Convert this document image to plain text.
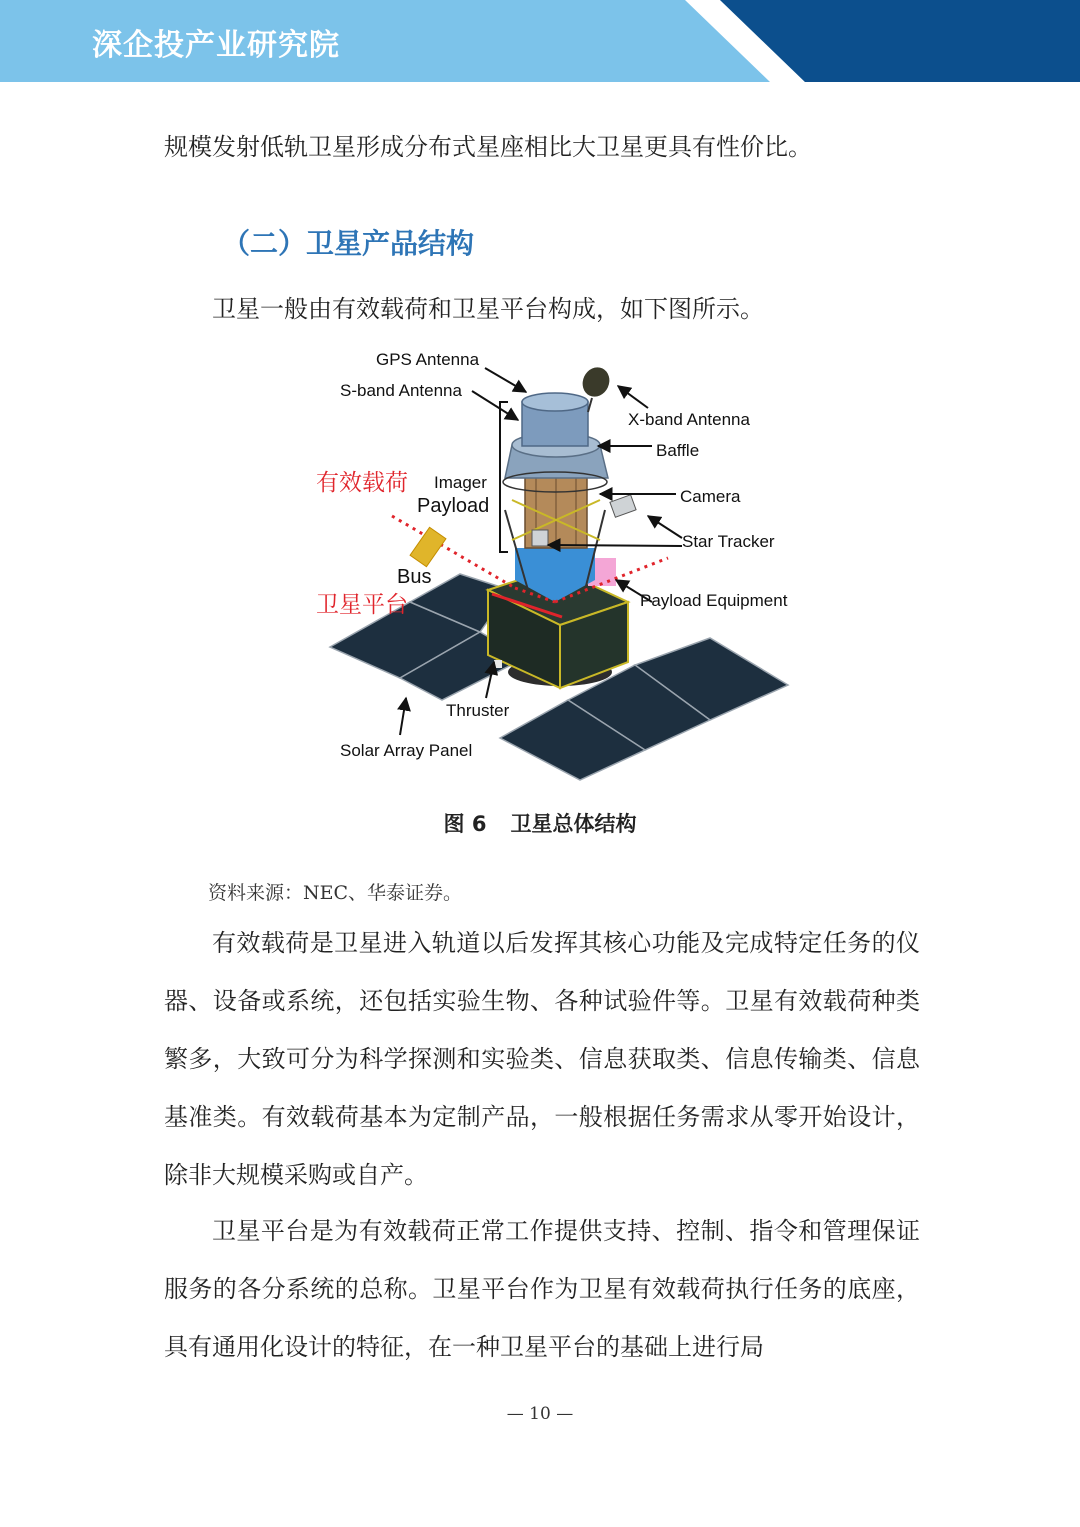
深企投产业研究院

规模发射低轨卫星形成分布式星座相比大卫星更具有性价比。

（二）卫星产品结构

卫星一般由有效载荷和卫星平台构成，如下图所示。

GPS Antenna
S-band Antenna
X-band Antenna
Baffle
Imager
Payload	Camera
Star Tracker
Bus
Payload Equipment
Thruster
Solar Array Panel
有效载荷
卫星平台
图 6 卫星总体结构
资料来源：NEC、华泰证券。

有效载荷是卫星进入轨道以后发挥其核心功能及完成特定任务的仪器、设备或系统，还包括实验生物、各种试验件等。卫星有效载荷种类繁多，大致可分为科学探测和实验类、信息获取类、信息传输类、信息基准类。有效载荷基本为定制产品，一般根据任务需求从零开始设计，除非大规模采购或自产。

卫星平台是为有效载荷正常工作提供支持、控制、指令和管理保证服务的各分系统的总称。卫星平台作为卫星有效载荷执行任务的底座，具有通用化设计的特征，在一种卫星平台的基础上进行局

— 10 —
